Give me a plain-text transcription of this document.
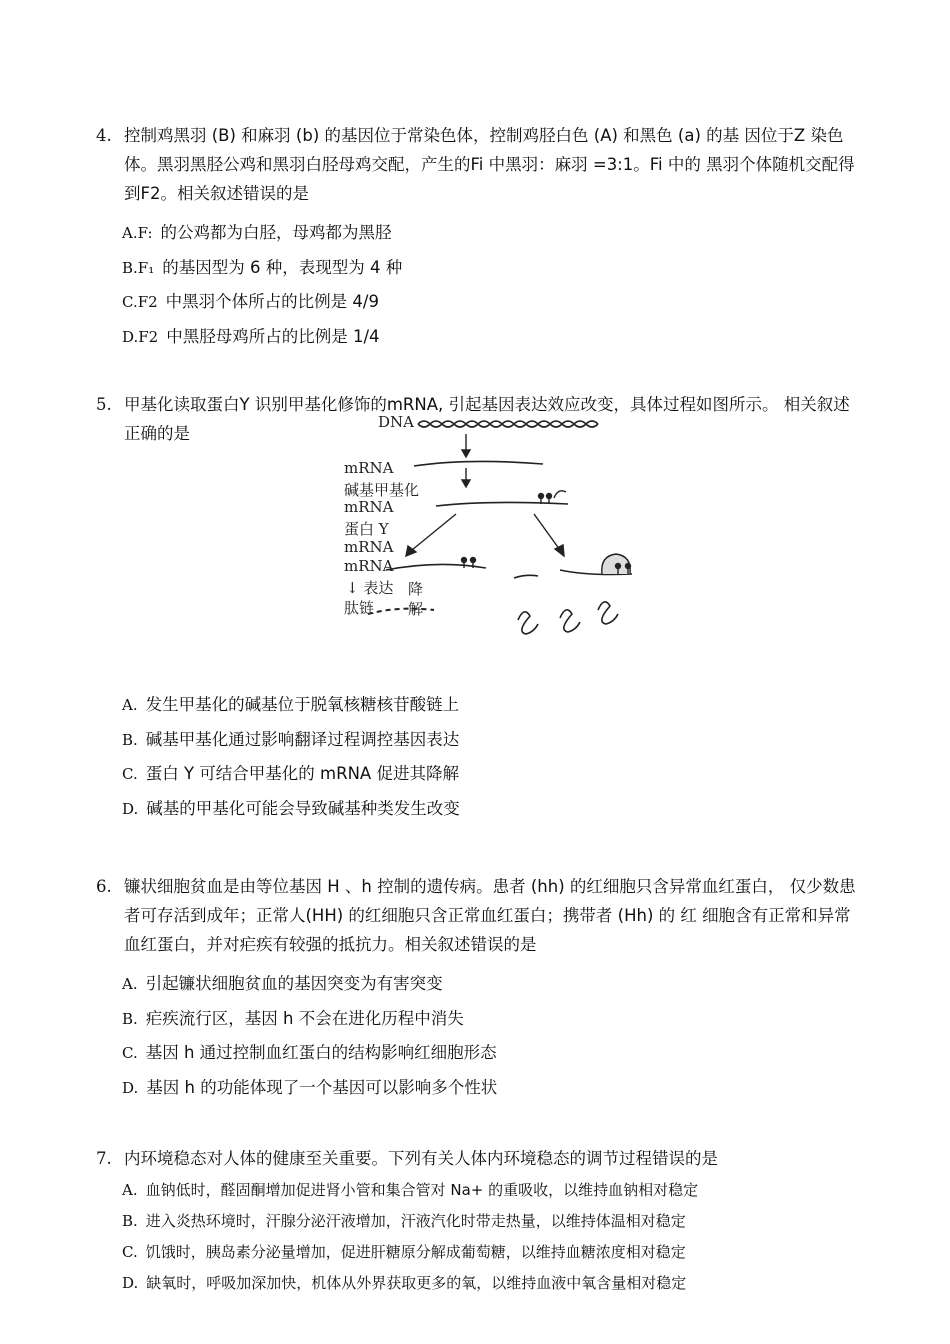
4. 控制鸡黑羽 (B) 和麻羽 (b) 的基因位于常染色体，控制鸡胫白色 (A) 和黑色 (a) 的基 因位于Z 染色体。黑羽黑胫公鸡和黑羽白胫母鸡交配，产生的Fi 中黑羽：麻羽 =3:1。Fi 中的 黑羽个体随机交配得到F2。相关叙述错误的是

A.F: 的公鸡都为白胫，母鸡都为黑胫
B.F₁ 的基因型为 6 种，表现型为 4 种
C.F2 中黑羽个体所占的比例是 4/9
D.F2 中黑胫母鸡所占的比例是 1/4

5. 甲基化读取蛋白Y 识别甲基化修饰的mRNA, 引起基因表达效应改变，具体过程如图所示。 相关叙述正确的是

DNA
mRNA
碱基甲基化
mRNA
蛋白 Y
mRNA
mRNA
↓ 表达 降
解
肽链
A. 发生甲基化的碱基位于脱氧核糖核苷酸链上
B. 碱基甲基化通过影响翻译过程调控基因表达
C. 蛋白 Y 可结合甲基化的 mRNA 促进其降解
D. 碱基的甲基化可能会导致碱基种类发生改变

6. 镰状细胞贫血是由等位基因 H 、h 控制的遗传病。患者 (hh) 的红细胞只含异常血红蛋白， 仅少数患者可存活到成年；正常人(HH) 的红细胞只含正常血红蛋白；携带者 (Hh) 的 红 细胞含有正常和异常血红蛋白，并对疟疾有较强的抵抗力。相关叙述错误的是

A. 引起镰状细胞贫血的基因突变为有害突变
B. 疟疾流行区，基因 h 不会在进化历程中消失
C. 基因 h 通过控制血红蛋白的结构影响红细胞形态
D. 基因 h 的功能体现了一个基因可以影响多个性状

7. 内环境稳态对人体的健康至关重要。下列有关人体内环境稳态的调节过程错误的是

A. 血钠低时，醛固酮增加促进肾小管和集合管对 Na+ 的重吸收，以维持血钠相对稳定
B. 进入炎热环境时，汗腺分泌汗液增加，汗液汽化时带走热量，以维持体温相对稳定
C. 饥饿时，胰岛素分泌量增加，促进肝糖原分解成葡萄糖，以维持血糖浓度相对稳定
D. 缺氧时，呼吸加深加快，机体从外界获取更多的氧，以维持血液中氧含量相对稳定
